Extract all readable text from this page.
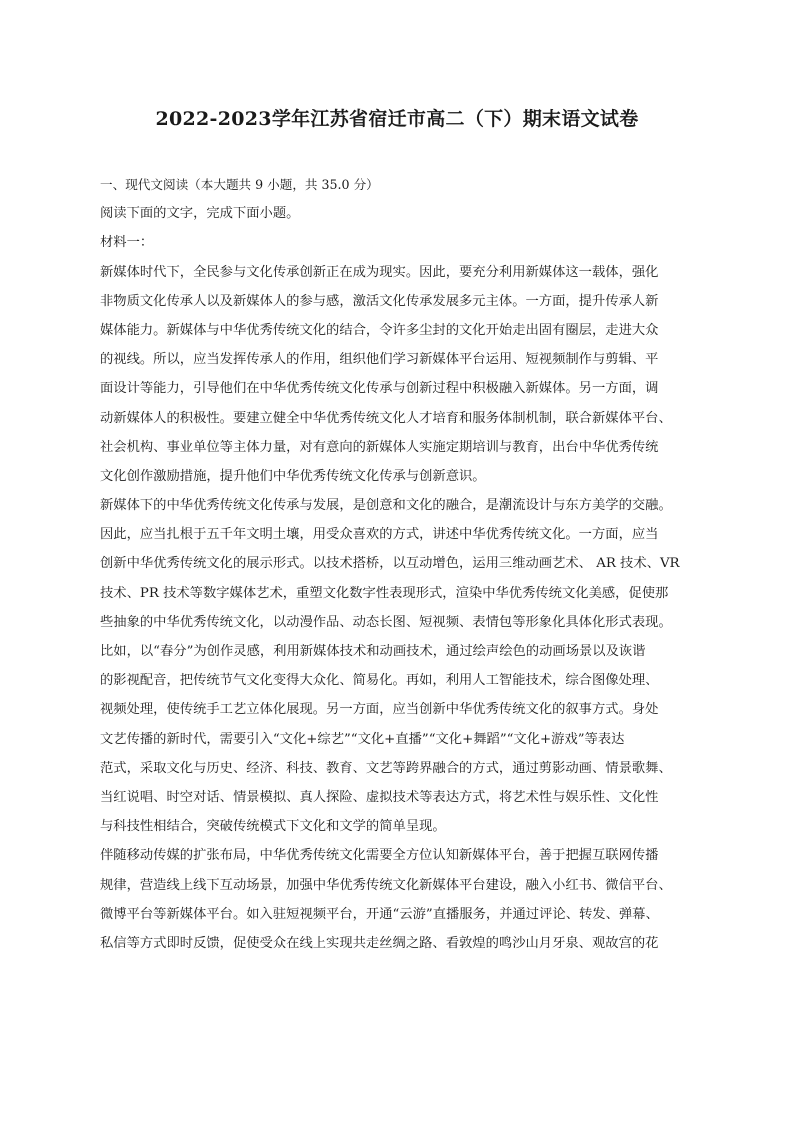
2022-2023学年江苏省宿迁市高二（下）期末语文试卷
一、现代文阅读（本大题共 9 小题，共 35.0 分）
阅读下面的文字，完成下面小题。
材料一：
新媒体时代下，全民参与文化传承创新正在成为现实。因此，要充分利用新媒体这一载体，强化
非物质文化传承人以及新媒体人的参与感，激活文化传承发展多元主体。一方面，提升传承人新
媒体能力。新媒体与中华优秀传统文化的结合，令许多尘封的文化开始走出固有圈层，走进大众
的视线。所以，应当发挥传承人的作用，组织他们学习新媒体平台运用、短视频制作与剪辑、平
面设计等能力，引导他们在中华优秀传统文化传承与创新过程中积极融入新媒体。另一方面，调
动新媒体人的积极性。要建立健全中华优秀传统文化人才培育和服务体制机制，联合新媒体平台、
社会机构、事业单位等主体力量，对有意向的新媒体人实施定期培训与教育，出台中华优秀传统
文化创作激励措施，提升他们中华优秀传统文化传承与创新意识。
新媒体下的中华优秀传统文化传承与发展，是创意和文化的融合，是潮流设计与东方美学的交融。
因此，应当扎根于五千年文明土壤，用受众喜欢的方式，讲述中华优秀传统文化。一方面，应当
创新中华优秀传统文化的展示形式。以技术搭桥，以互动增色，运用三维动画艺术、 AR 技术、VR
技术、PR 技术等数字媒体艺术，重塑文化数字性表现形式，渲染中华优秀传统文化美感，促使那
些抽象的中华优秀传统文化，以动漫作品、动态长图、短视频、表情包等形象化具体化形式表现。
比如，以“春分”为创作灵感，利用新媒体技术和动画技术，通过绘声绘色的动画场景以及诙谐
的影视配音，把传统节气文化变得大众化、简易化。再如，利用人工智能技术，综合图像处理、
视频处理，使传统手工艺立体化展现。另一方面，应当创新中华优秀传统文化的叙事方式。身处
文艺传播的新时代，需要引入“文化+综艺”“文化+直播”“文化+舞蹈”“文化+游戏”等表达
范式，采取文化与历史、经济、科技、教育、文艺等跨界融合的方式，通过剪影动画、情景歌舞、
当红说唱、时空对话、情景模拟、真人探险、虚拟技术等表达方式，将艺术性与娱乐性、文化性
与科技性相结合，突破传统模式下文化和文学的简单呈现。
伴随移动传媒的扩张布局，中华优秀传统文化需要全方位认知新媒体平台，善于把握互联网传播
规律，营造线上线下互动场景，加强中华优秀传统文化新媒体平台建设，融入小红书、微信平台、
微博平台等新媒体平台。如入驻短视频平台，开通“云游”直播服务，并通过评论、转发、弹幕、
私信等方式即时反馈，促使受众在线上实现共走丝绸之路、看敦煌的鸣沙山月牙泉、观故宫的花
